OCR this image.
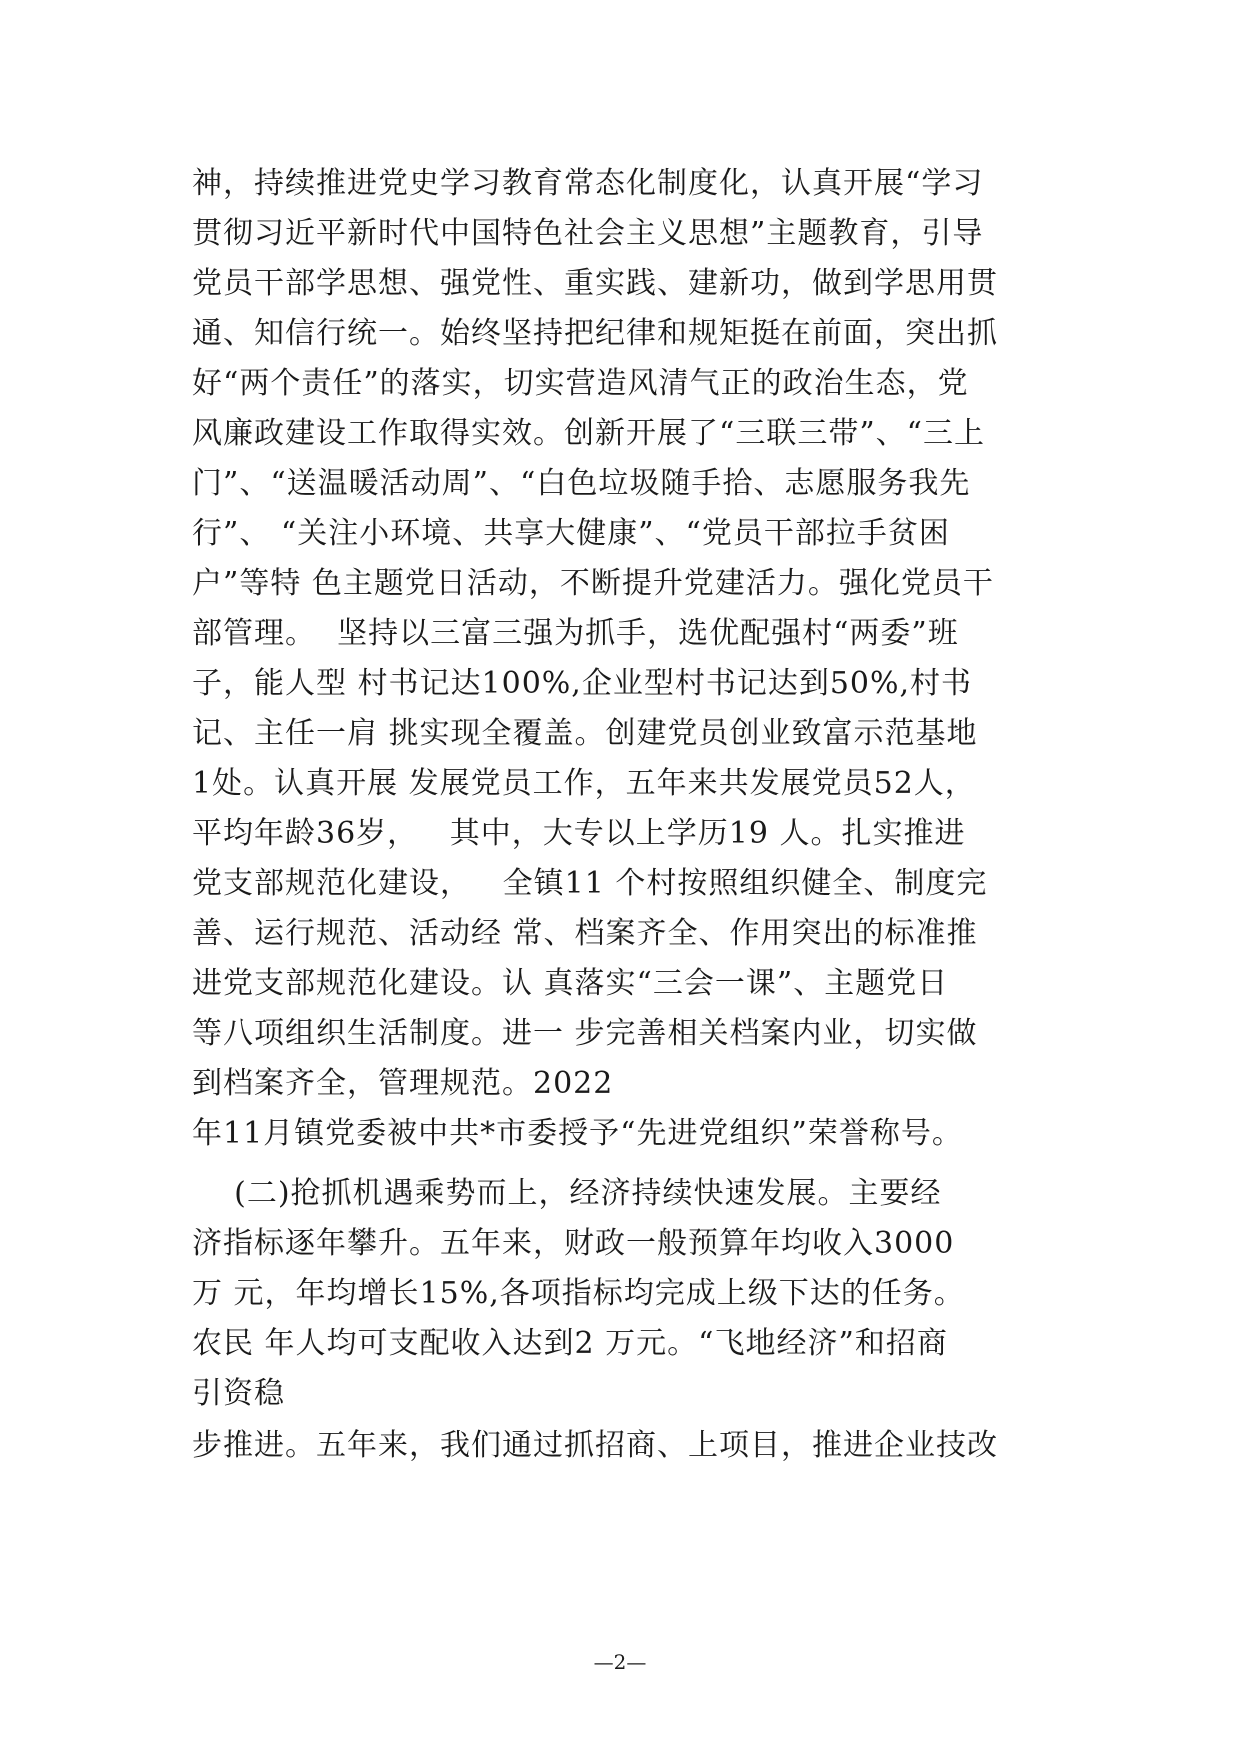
神，持续推进党史学习教育常态化制度化，认真开展“学习
贯彻习近平新时代中国特色社会主义思想”主题教育，引导
党员干部学思想、强党性、重实践、建新功，做到学思用贯
通、知信行统一。始终坚持把纪律和规矩挺在前面，突出抓
好“两个责任”的落实，切实营造风清气正的政治生态，党
风廉政建设工作取得实效。创新开展了“三联三带”、“三上
门”、“送温暖活动周”、“白色垃圾随手拾、志愿服务我先
行”、 “关注小环境、共享大健康”、“党员干部拉手贫困
户”等特 色主题党日活动，不断提升党建活力。强化党员干
部管理。  坚持以三富三强为抓手，选优配强村“两委”班
子，能人型 村书记达100%,企业型村书记达到50%,村书
记、主任一肩 挑实现全覆盖。创建党员创业致富示范基地
1处。认真开展 发展党员工作，五年来共发展党员52人，
平均年龄36岁，   其中，大专以上学历19 人。扎实推进
党支部规范化建设，   全镇11 个村按照组织健全、制度完
善、运行规范、活动经 常、档案齐全、作用突出的标准推
进党支部规范化建设。认 真落实“三会一课”、主题党日
等八项组织生活制度。进一 步完善相关档案内业，切实做
到档案齐全，管理规范。2022
年11月镇党委被中共*市委授予“先进党组织”荣誉称号。
(二)抢抓机遇乘势而上，经济持续快速发展。主要经
济指标逐年攀升。五年来，财政一般预算年均收入3000
万 元，年均增长15%,各项指标均完成上级下达的任务。
农民 年人均可支配收入达到2 万元。“飞地经济”和招商
引资稳
步推进。五年来，我们通过抓招商、上项目，推进企业技改
—2—
